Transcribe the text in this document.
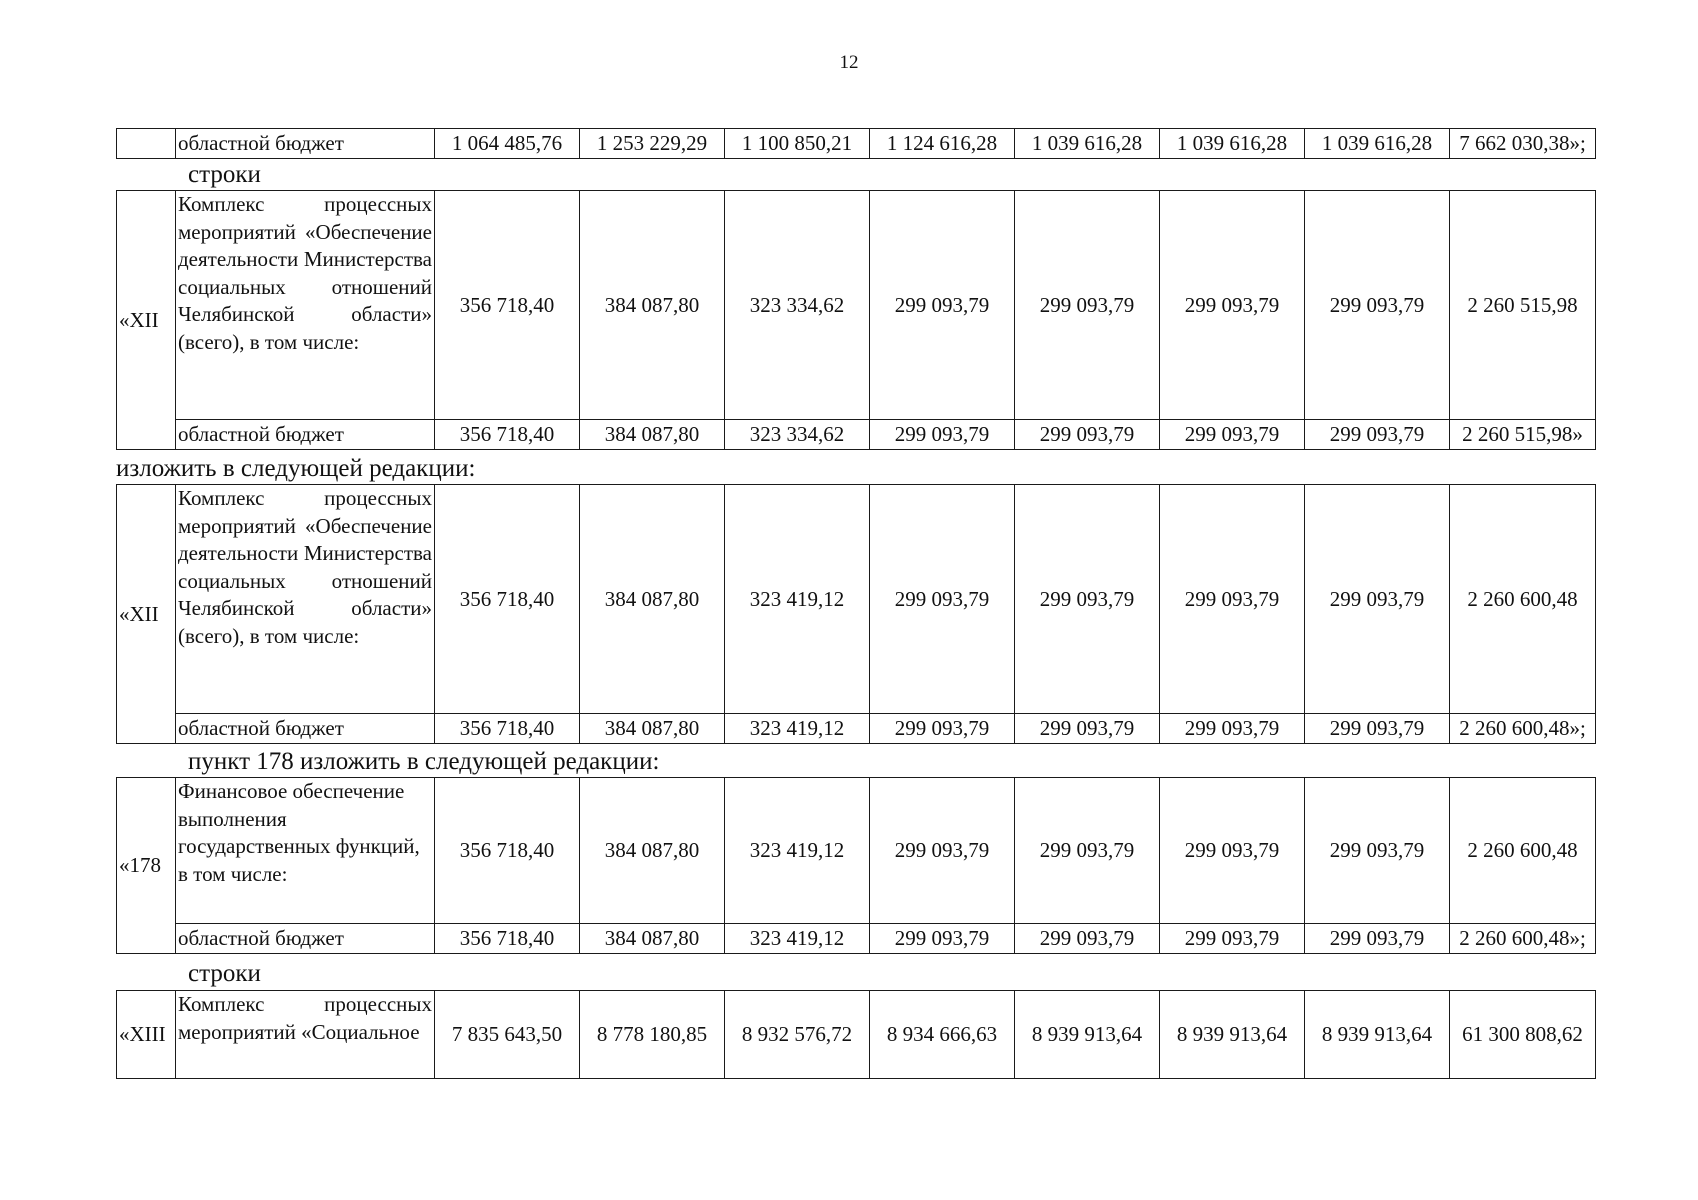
12
	областной бюджет	1 064 485,76	1 253 229,29	1 100 850,21	1 124 616,28	1 039 616,28	1 039 616,28	1 039 616,28	7 662 030,38»;
строки
«XII	Комплекс процессных мероприятий «Обеспечение деятельности Министерства социальных отношений Челябинской области» (всего), в том числе:	356 718,40	384 087,80	323 334,62	299 093,79	299 093,79	299 093,79	299 093,79	2 260 515,98
	областной бюджет	356 718,40	384 087,80	323 334,62	299 093,79	299 093,79	299 093,79	299 093,79	2 260 515,98»
изложить в следующей редакции:
«XII	Комплекс процессных мероприятий «Обеспечение деятельности Министерства социальных отношений Челябинской области» (всего), в том числе:	356 718,40	384 087,80	323 419,12	299 093,79	299 093,79	299 093,79	299 093,79	2 260 600,48
	областной бюджет	356 718,40	384 087,80	323 419,12	299 093,79	299 093,79	299 093,79	299 093,79	2 260 600,48»;
пункт 178 изложить в следующей редакции:
«178	Финансовое обеспечение выполнения государственных функций, в том числе:	356 718,40	384 087,80	323 419,12	299 093,79	299 093,79	299 093,79	299 093,79	2 260 600,48
	областной бюджет	356 718,40	384 087,80	323 419,12	299 093,79	299 093,79	299 093,79	299 093,79	2 260 600,48»;
строки
«XIII	Комплекс процессных мероприятий «Социальное	7 835 643,50	8 778 180,85	8 932 576,72	8 934 666,63	8 939 913,64	8 939 913,64	8 939 913,64	61 300 808,62
